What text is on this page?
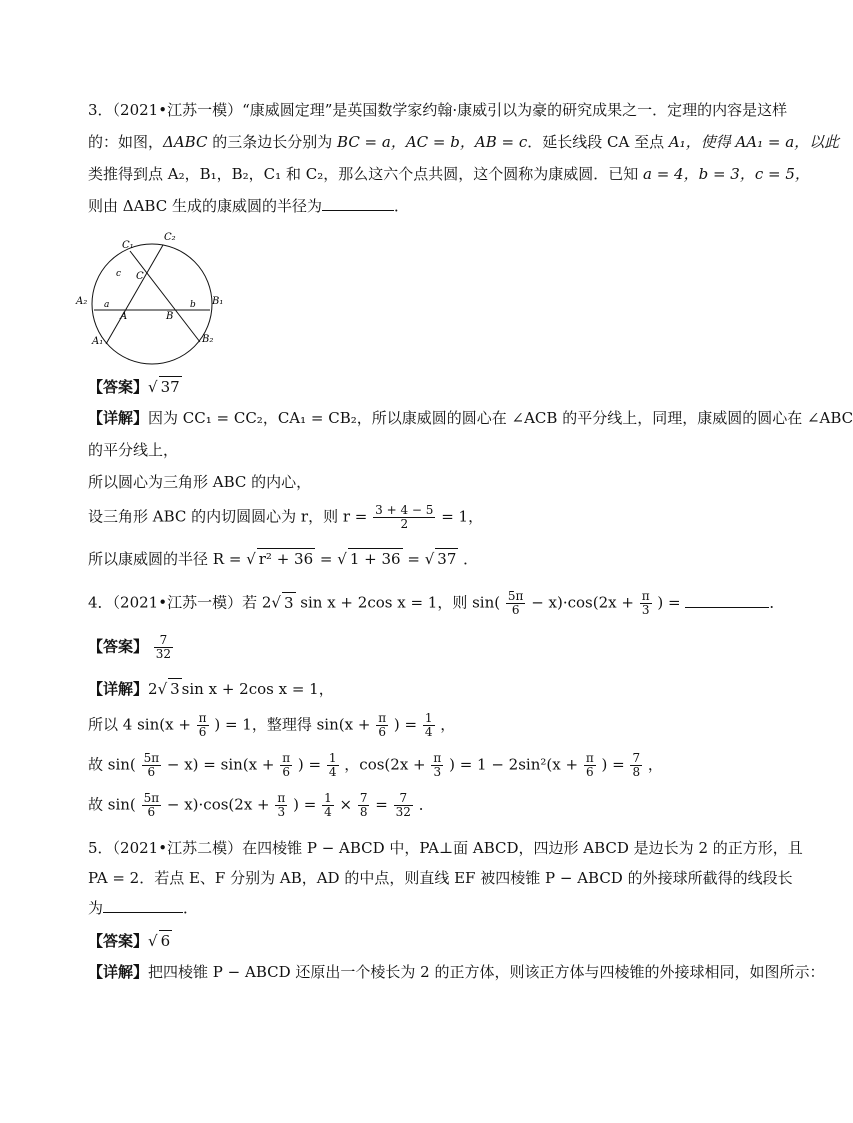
3．（2021•江苏一模）“康威圆定理”是英国数学家约翰·康威引以为豪的研究成果之一．定理的内容是这样
的：如图，ΔABC 的三条边长分别为 BC = a，AC = b，AB = c．延长线段 CA 至点 A₁，使得 AA₁ = a，以此
类推得到点 A₂，B₁，B₂，C₁ 和 C₂，那么这六个点共圆，这个圆称为康威圆．已知 a = 4，b = 3，c = 5，
则由 ΔABC 生成的康威圆的半径为	．
C₁
C₂
C
A₂	B₁
A	B
A₁	B₂
a	b
c
【答案】√ 37
【详解】因为 CC₁ = CC₂，CA₁ = CB₂，所以康威圆的圆心在 ∠ACB 的平分线上，同理，康威圆的圆心在 ∠ABC
的平分线上，
所以圆心为三角形 ABC 的内心，
设三角形 ABC 的内切圆圆心为 r，则 $r = \frac{3 + 4 - 5}{2} = 1$，
所以康威圆的半径 R = √ r² + 36 = √ 1 + 36 = √ 37 ．
4．（2021•江苏一模）若 2√ 3 sin x + 2cos x = 1，则 $\sin( \frac{5\pi}{6} - x)\cdot\cos(2x + \frac{\pi}{3}$ ) =	．
【答案】 $\frac{7}{32}$
【详解】2√ 3 sin x + 2cos x = 1，
所以 4 $\sin(x + \frac{\pi}{6}$ ) = 1，整理得 $\sin(x + \frac{\pi}{6}$ ) = $\frac{1}{4}$ ，
故 $\sin( \frac{5\pi}{6} - x) = \sin(x + \frac{\pi}{6}$ ) = $\frac{1}{4}$ ，$\cos(2x + \frac{\pi}{3}$ ) = $1 - 2\sin^2(x + \frac{\pi}{6}$ ) = $\frac{7}{8}$ ，
故 $\sin( \frac{5\pi}{6} - x)\cdot\cos(2x + \frac{\pi}{3}$ ) = $\frac{1}{4} \times \frac{7}{8} = \frac{7}{32}$ ．
5．（2021•江苏二模）在四棱锥 P − ABCD 中，PA⊥面 ABCD，四边形 ABCD 是边长为 2 的正方形，且
PA = 2．若点 E、F 分别为 AB，AD 的中点，则直线 EF 被四棱锥 P − ABCD 的外接球所截得的线段长
为	．
【答案】√ 6
【详解】把四棱锥 P − ABCD 还原出一个棱长为 2 的正方体，则该正方体与四棱锥的外接球相同，如图所示：
